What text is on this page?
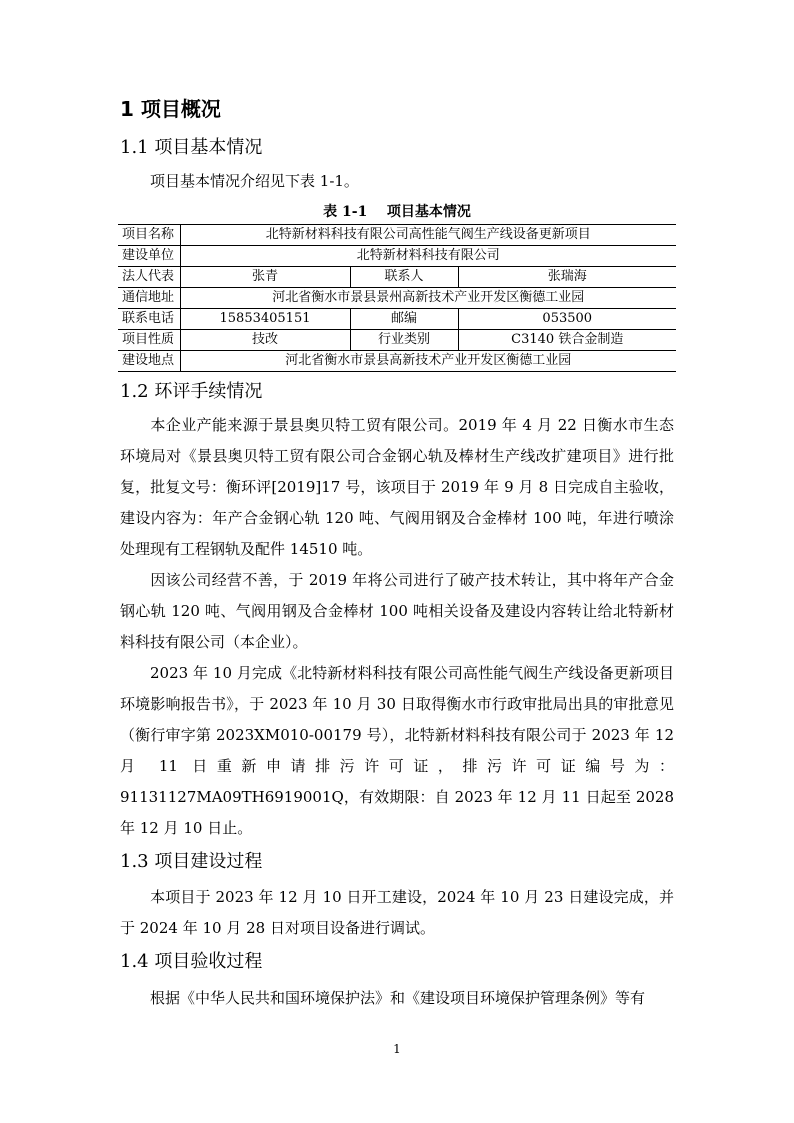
1 项目概况
1.1 项目基本情况
项目基本情况介绍见下表 1-1。
表 1-1    项目基本情况
项目名称	北特新材料科技有限公司高性能气阀生产线设备更新项目		
建设单位	北特新材料科技有限公司		
法人代表	张青	联系人	张瑞海
通信地址	河北省衡水市景县景州高新技术产业开发区衡德工业园		
联系电话	15853405151	邮编	053500
项目性质	技改	行业类别	C3140 铁合金制造
建设地点	河北省衡水市景县高新技术产业开发区衡德工业园		
1.2 环评手续情况
本企业产能来源于景县奥贝特工贸有限公司。2019 年 4 月 22 日衡水市生态环境局对《景县奥贝特工贸有限公司合金钢心轨及棒材生产线改扩建项目》进行批复，批复文号：衡环评[2019]17 号，该项目于 2019 年 9 月 8 日完成自主验收，建设内容为：年产合金钢心轨 120 吨、气阀用钢及合金棒材 100 吨，年进行喷涂处理现有工程钢轨及配件 14510 吨。
因该公司经营不善，于 2019 年将公司进行了破产技术转让，其中将年产合金钢心轨 120 吨、气阀用钢及合金棒材 100 吨相关设备及建设内容转让给北特新材料科技有限公司（本企业）。
2023 年 10 月完成《北特新材料科技有限公司高性能气阀生产线设备更新项目环境影响报告书》，于 2023 年 10 月 30 日取得衡水市行政审批局出具的审批意见（衡行审字第 2023XM010-00179 号），北特新材料科技有限公司于 2023 年 12 月 11 日重新申请排污许可证，排污许可证编号为：91131127MA09TH6919001Q，有效期限：自 2023 年 12 月 11 日起至 2028 年 12 月 10 日止。
1.3 项目建设过程
本项目于 2023 年 12 月 10 日开工建设，2024 年 10 月 23 日建设完成，并于 2024 年 10 月 28 日对项目设备进行调试。
1.4 项目验收过程
根据《中华人民共和国环境保护法》和《建设项目环境保护管理条例》等有
1
